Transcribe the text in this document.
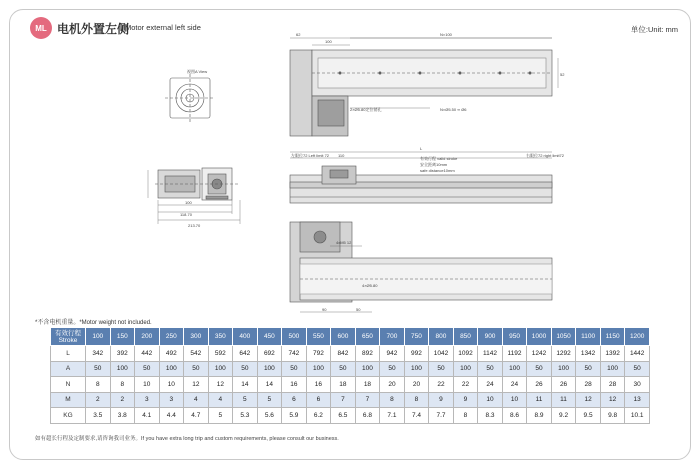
ML 电机外置左侧
Motor external left side	单位:Unit: mm
视图A View
100
118.70
213.70
62
100
N×100
52
2×Ø5.80定位销孔	N×Ø5.50 ∞ Ø6
L
110
左限位72 Left limit 72	右限位72 right limit72
有效行程 valid stroke
安全距离10mm
safe distance10mm
90	50
4xM5 12
4×Ø5.80
*不含电机重量。*Motor weight not included.
有效行程
Stroke	100	150	200	250	300	350	400	450	500	550	600	650	700	750	800	850	900	950	1000	1050	1100	1150	1200
L	342	392	442	492	542	592	642	692	742	792	842	892	942	992	1042	1092	1142	1192	1242	1292	1342	1392	1442
A	50	100	50	100	50	100	50	100	50	100	50	100	50	100	50	100	50	100	50	100	50	100	50
N	8	8	10	10	12	12	14	14	16	16	18	18	20	20	22	22	24	24	26	26	28	28	30
M	2	2	3	3	4	4	5	5	6	6	7	7	8	8	9	9	10	10	11	11	12	12	13
KG	3.5	3.8	4.1	4.4	4.7	5	5.3	5.6	5.9	6.2	6.5	6.8	7.1	7.4	7.7	8	8.3	8.6	8.9	9.2	9.5	9.8	10.1
如有超长行程及定制要求,请咨询我司业务。If you have extra long trip and custom requirements, please consult our business.
